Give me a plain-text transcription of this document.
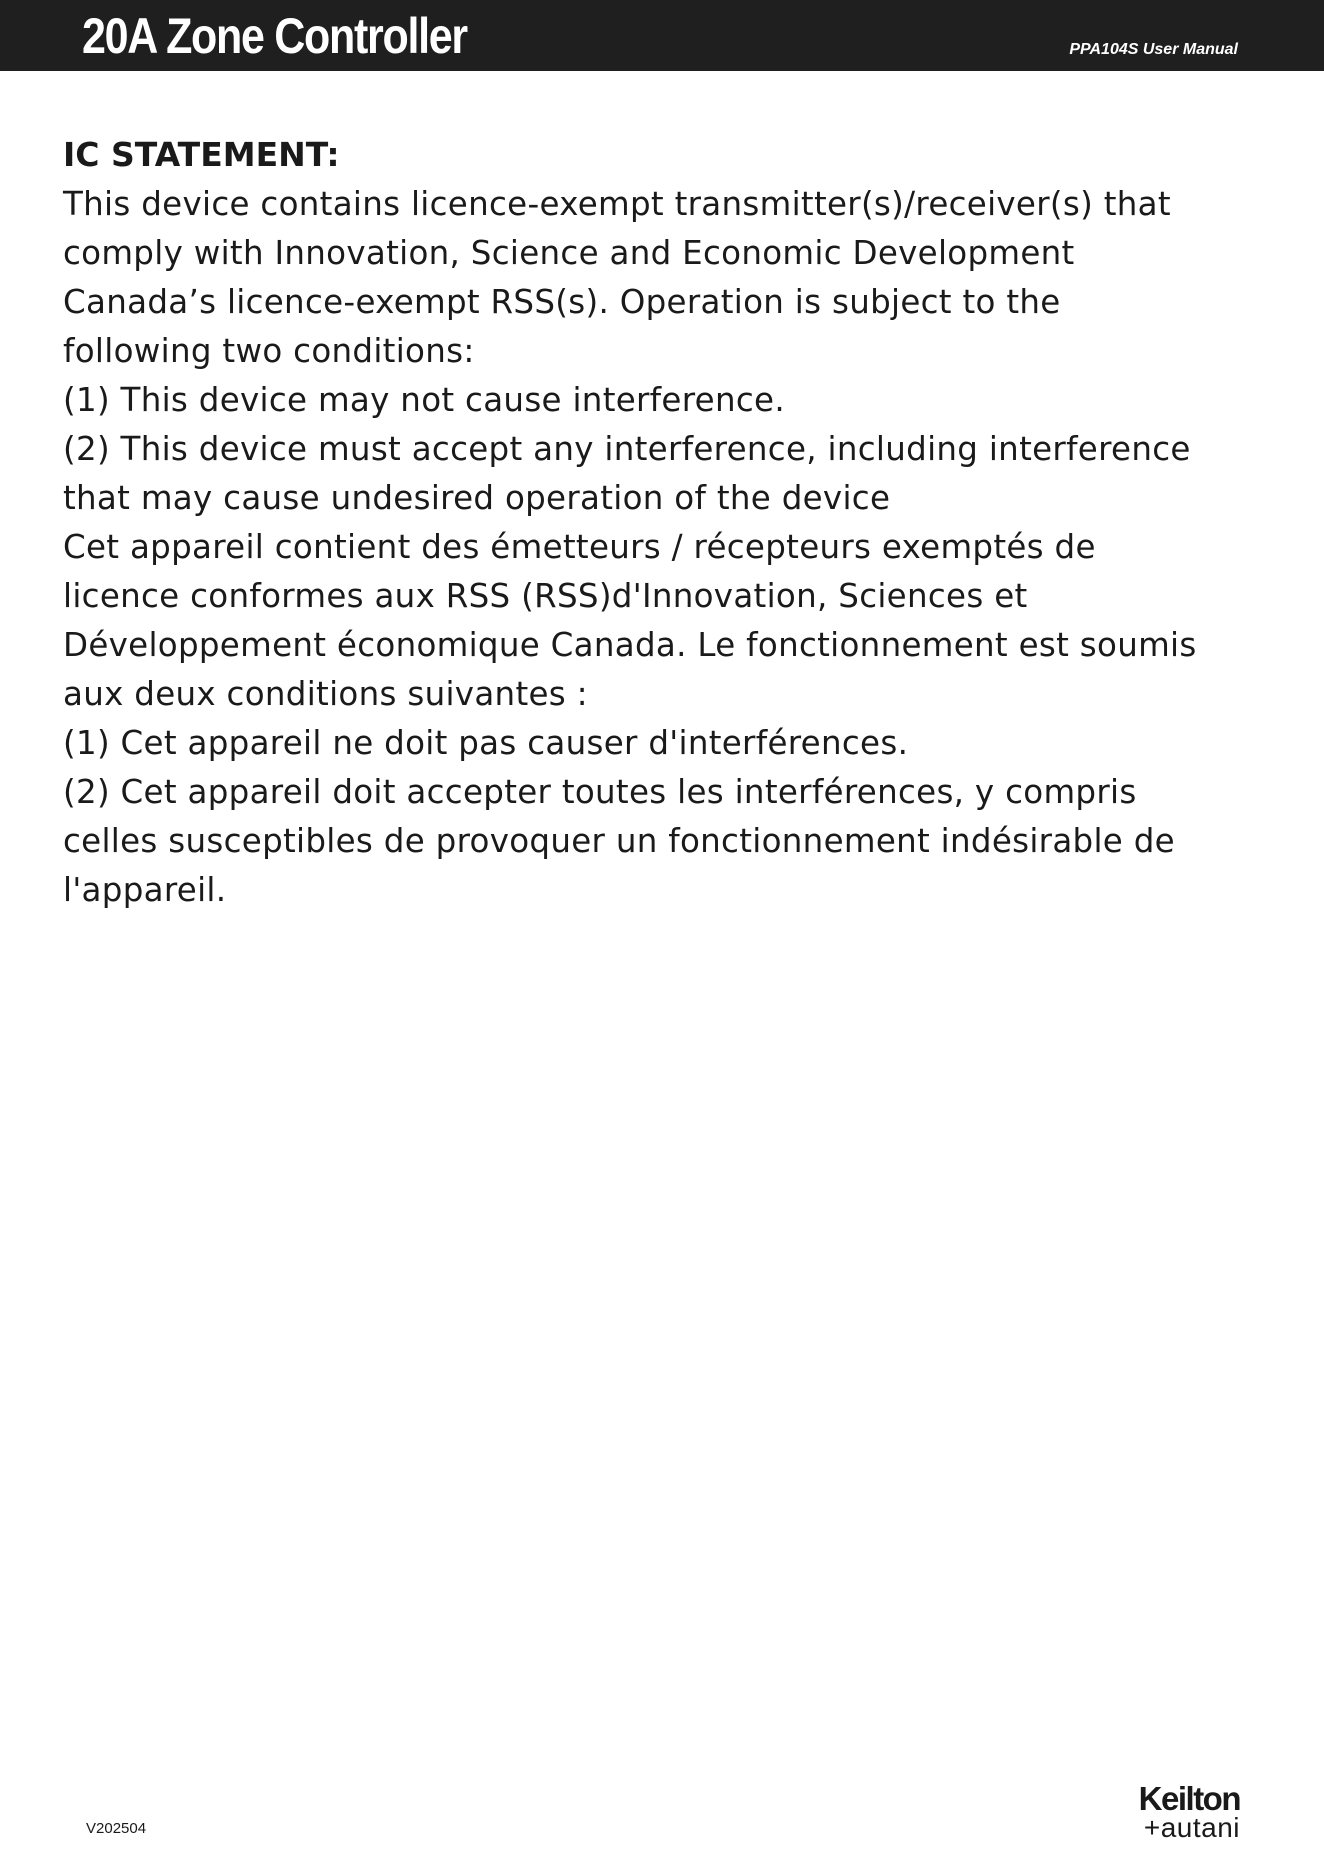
20A Zone Controller	PPA104S User Manual

IC STATEMENT:

This device contains licence-exempt transmitter(s)/receiver(s) that

comply with Innovation, Science and Economic Development

Canada’s licence-exempt RSS(s). Operation is subject to the

following two conditions:

(1) This device may not cause interference.

(2) This device must accept any interference, including interference

that may cause undesired operation of the device

Cet appareil contient des émetteurs / récepteurs exemptés de

licence conformes aux RSS (RSS)d'Innovation, Sciences et

Développement économique Canada. Le fonctionnement est soumis

aux deux conditions suivantes :

(1) Cet appareil ne doit pas causer d'interférences.

(2) Cet appareil doit accepter toutes les interférences, y compris

celles susceptibles de provoquer un fonctionnement indésirable de

l'appareil.

V202504
Keilton
+autani
